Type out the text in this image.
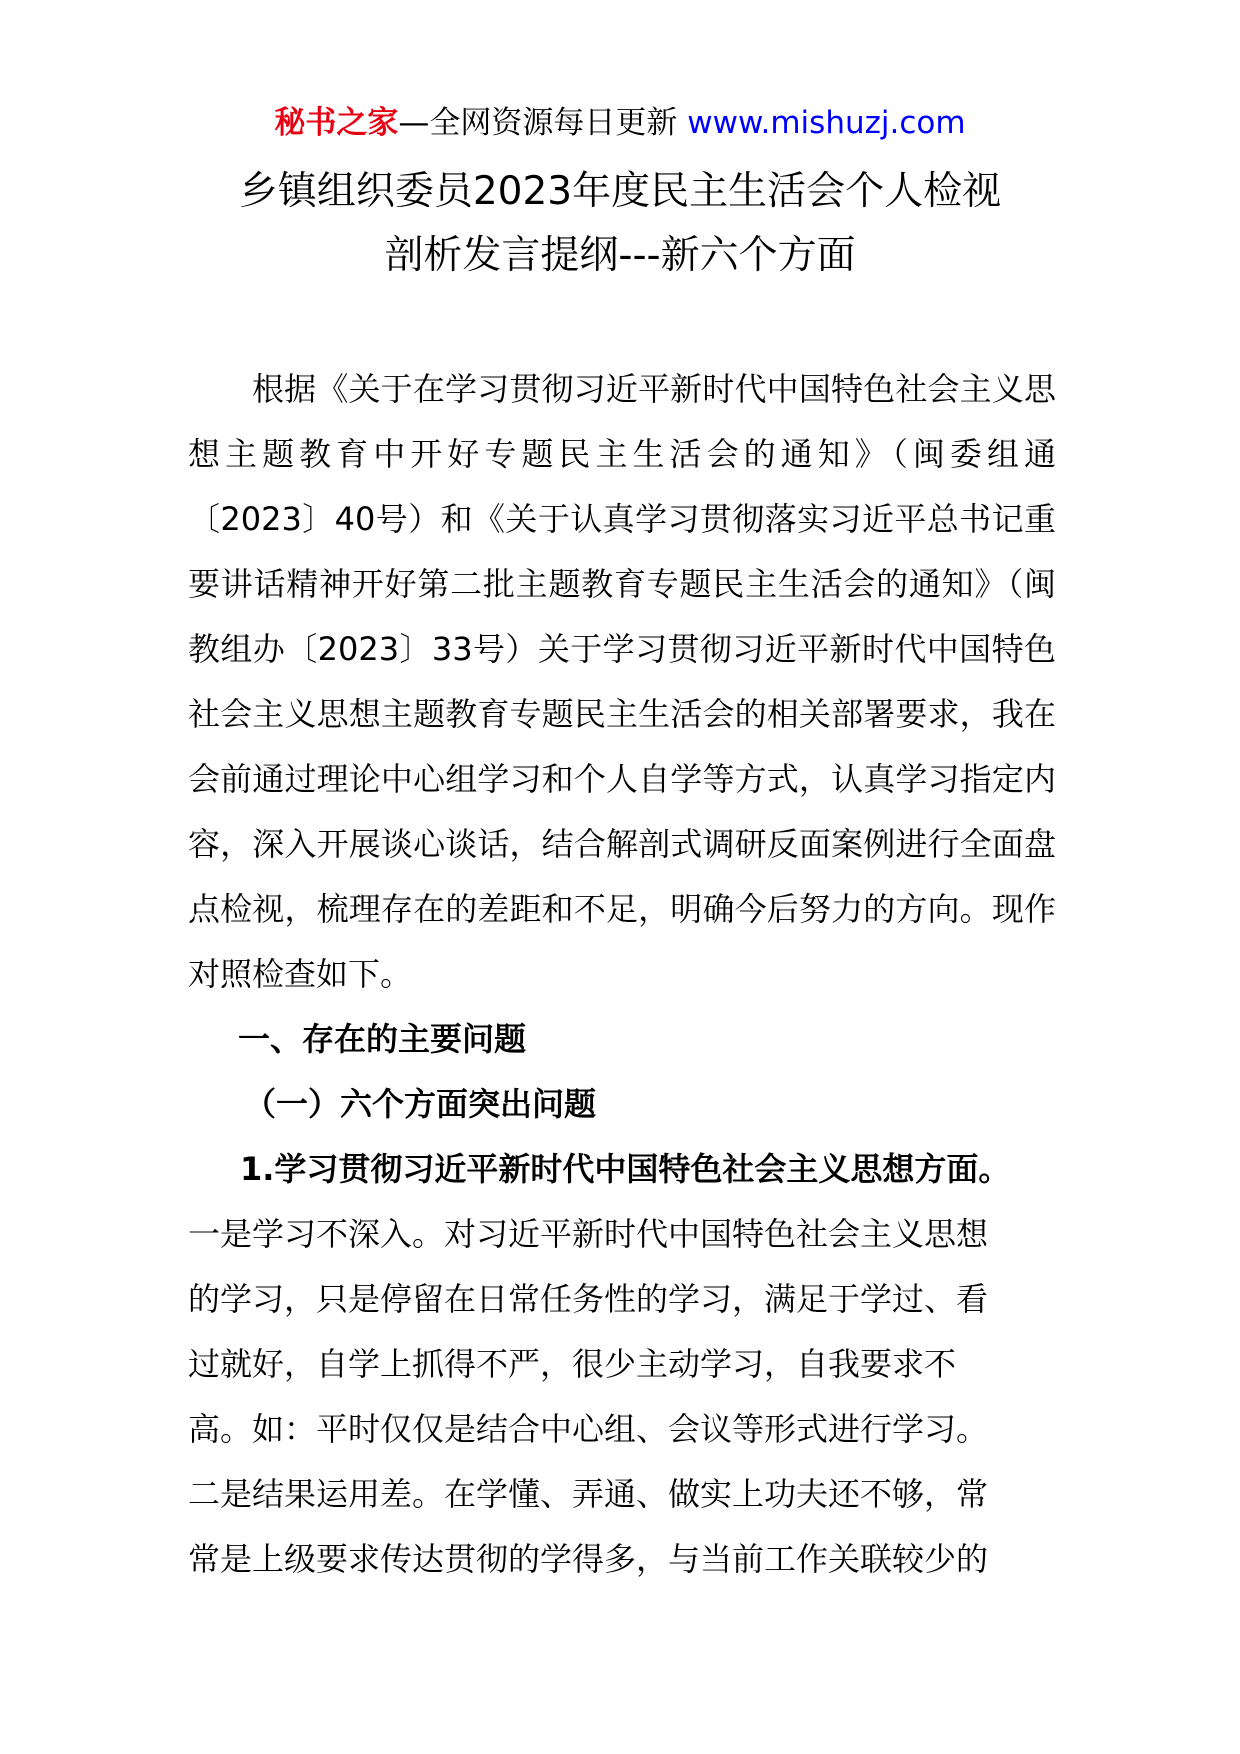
秘书之家—全网资源每日更新 www.mishuzj.com
乡镇组织委员2023年度民主生活会个人检视
剖析发言提纲---新六个方面

根据《关于在学习贯彻习近平新时代中国特色社会主义思想主题教育中开好专题民主生活会的通知》（闽委组通〔2023〕40号）和《关于认真学习贯彻落实习近平总书记重要讲话精神开好第二批主题教育专题民主生活会的通知》（闽教组办〔2023〕33号）关于学习贯彻习近平新时代中国特色社会主义思想主题教育专题民主生活会的相关部署要求，我在会前通过理论中心组学习和个人自学等方式，认真学习指定内容，深入开展谈心谈话，结合解剖式调研反面案例进行全面盘点检视，梳理存在的差距和不足，明确今后努力的方向。现作对照检查如下。

一、存在的主要问题

（一）六个方面突出问题

1.学习贯彻习近平新时代中国特色社会主义思想方面。

一是学习不深入。对习近平新时代中国特色社会主义思想
的学习，只是停留在日常任务性的学习，满足于学过、看
过就好，自学上抓得不严，很少主动学习，自我要求不
高。如：平时仅仅是结合中心组、会议等形式进行学习。
二是结果运用差。在学懂、弄通、做实上功夫还不够，常
常是上级要求传达贯彻的学得多，与当前工作关联较少的
